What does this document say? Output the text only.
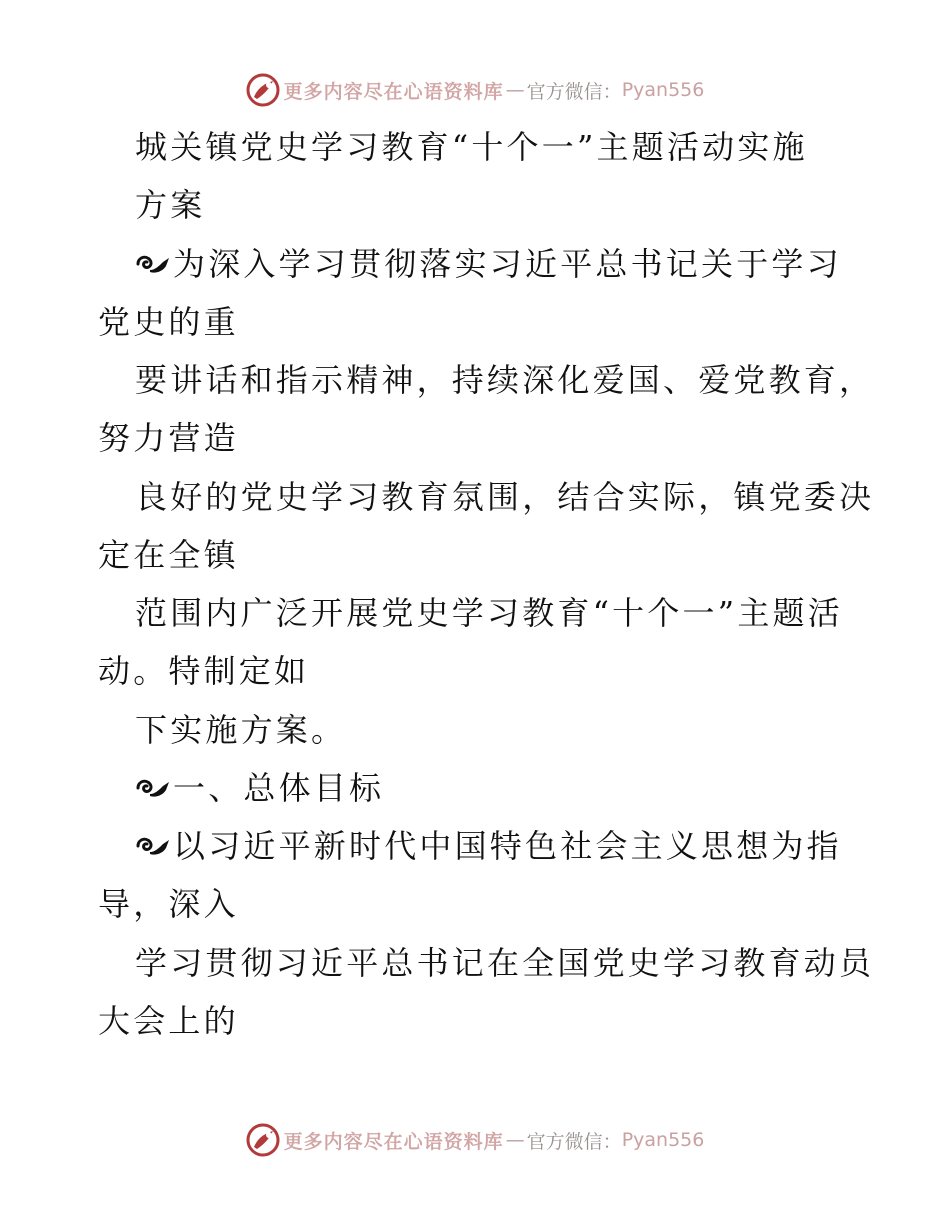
更多内容尽在心语资料库 — 官方微信： Pyan556
城关镇党史学习教育“十个一”主题活动实施
方案
为深入学习贯彻落实习近平总书记关于学习
党史的重
要讲话和指示精神，持续深化爱国、爱党教育，
努力营造
良好的党史学习教育氛围，结合实际，镇党委决
定在全镇
范围内广泛开展党史学习教育“十个一”主题活
动。特制定如
下实施方案。
一、总体目标
以习近平新时代中国特色社会主义思想为指
导，深入
学习贯彻习近平总书记在全国党史学习教育动员
大会上的
更多内容尽在心语资料库 — 官方微信： Pyan556
